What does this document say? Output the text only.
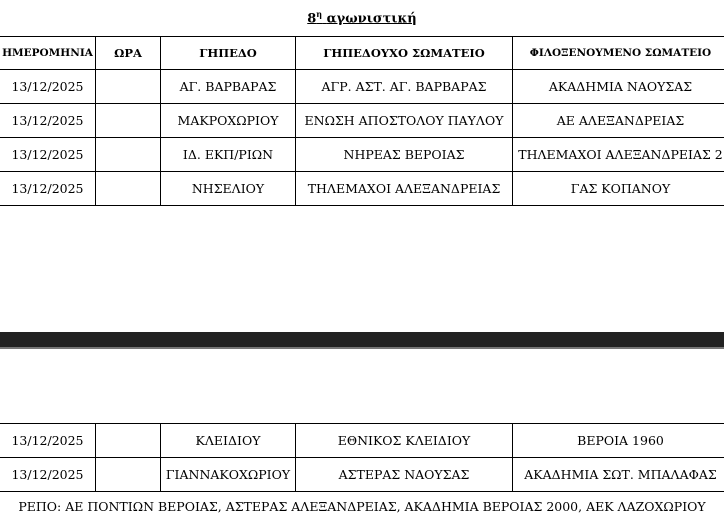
$8^\eta$ αγωνιστική
ΗΜΕΡΟΜΗΝΙΑ	ΩΡΑ	ΓΗΠΕΔΟ	ΓΗΠΕΔΟΥΧΟ ΣΩΜΑΤΕΙΟ	ΦΙΛΟΞΕΝΟΥΜΕΝΟ ΣΩΜΑΤΕΙΟ
13/12/2025		ΑΓ. ΒΑΡΒΑΡΑΣ	ΑΓΡ. ΑΣΤ. ΑΓ. ΒΑΡΒΑΡΑΣ	ΑΚΑΔΗΜΙΑ ΝΑΟΥΣΑΣ
13/12/2025		ΜΑΚΡΟΧΩΡΙΟΥ	ΕΝΩΣΗ ΑΠΟΣΤΟΛΟΥ ΠΑΥΛΟΥ	ΑΕ ΑΛΕΞΑΝΔΡΕΙΑΣ
13/12/2025		ΙΔ. ΕΚΠ/ΡΙΩΝ	ΝΗΡΕΑΣ ΒΕΡΟΙΑΣ	ΤΗΛΕΜΑΧΟΙ ΑΛΕΞΑΝΔΡΕΙΑΣ 2
13/12/2025		ΝΗΣΕΛΙΟΥ	ΤΗΛΕΜΑΧΟΙ ΑΛΕΞΑΝΔΡΕΙΑΣ	ΓΑΣ ΚΟΠΑΝΟΥ
13/12/2025		ΚΛΕΙΔΙΟΥ	ΕΘΝΙΚΟΣ ΚΛΕΙΔΙΟΥ	ΒΕΡΟΙΑ 1960
13/12/2025		ΓΙΑΝΝΑΚΟΧΩΡΙΟΥ	ΑΣΤΕΡΑΣ ΝΑΟΥΣΑΣ	ΑΚΑΔΗΜΙΑ ΣΩΤ. ΜΠΑΛΑΦΑΣ
ΡΕΠΟ: ΑΕ ΠΟΝΤΙΩΝ ΒΕΡΟΙΑΣ, ΑΣΤΕΡΑΣ ΑΛΕΞΑΝΔΡΕΙΑΣ, ΑΚΑΔΗΜΙΑ ΒΕΡΟΙΑΣ 2000, ΑΕΚ ΛΑΖΟΧΩΡΙΟΥ
